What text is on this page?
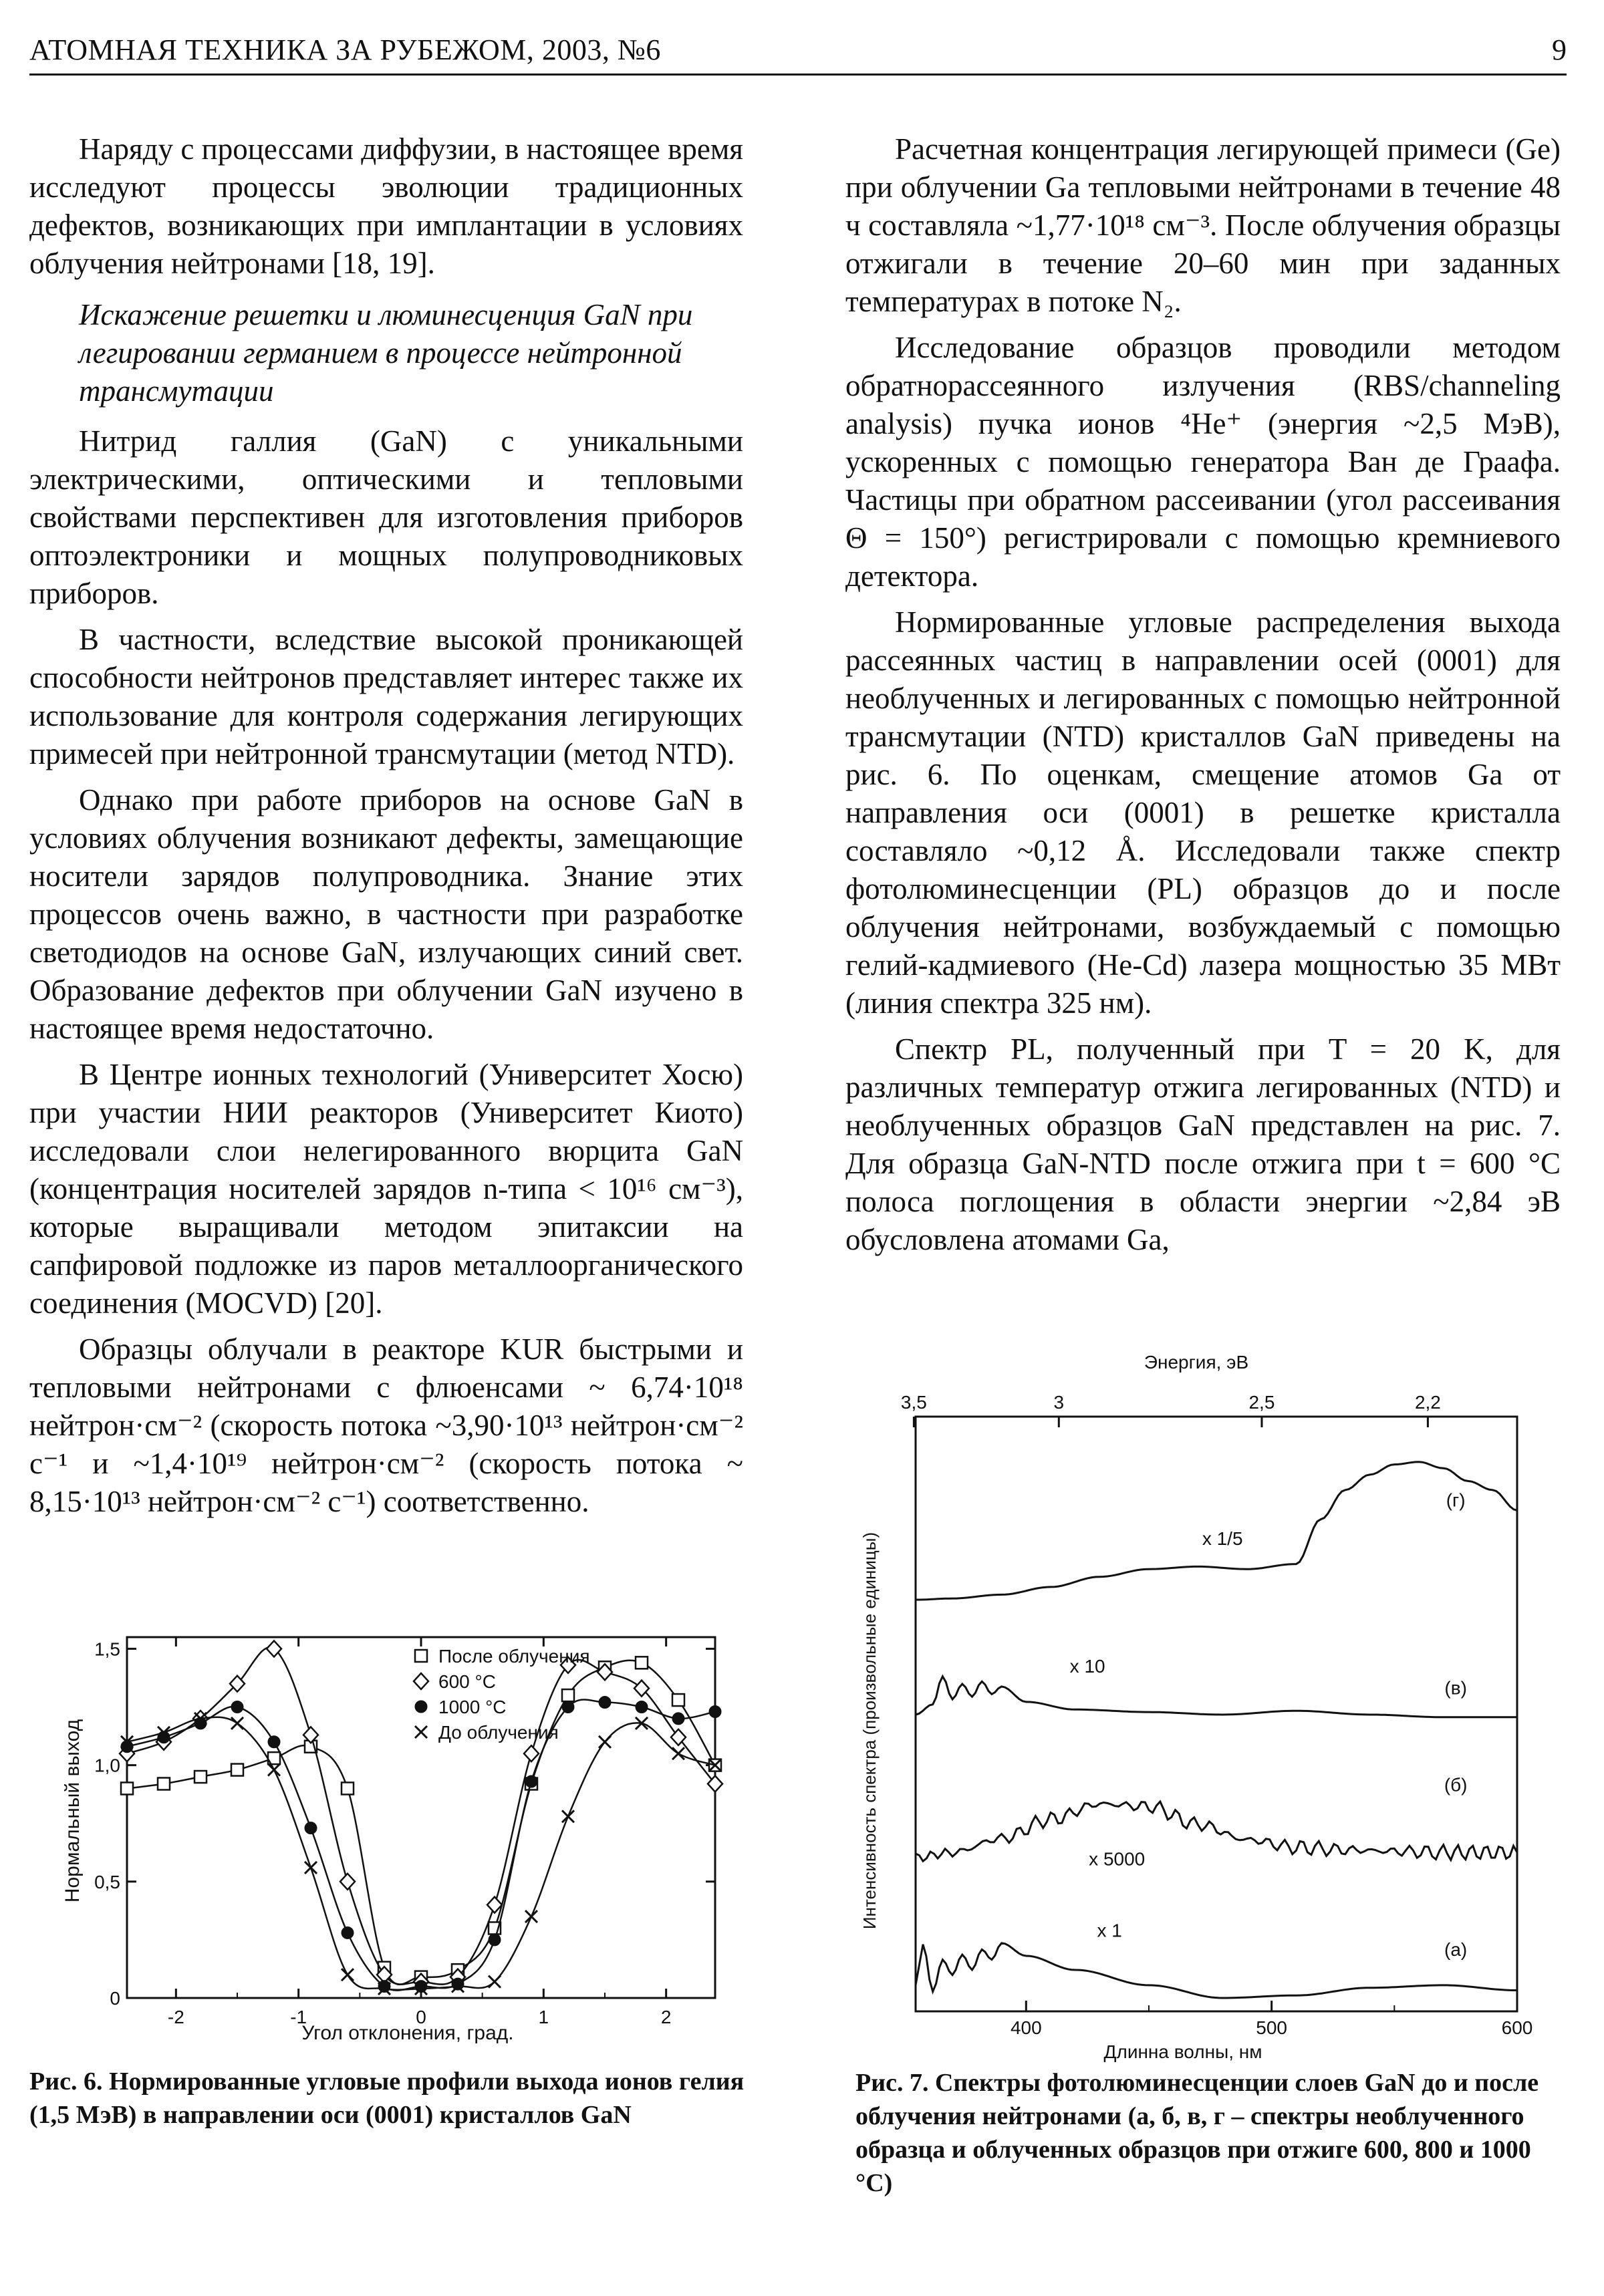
АТОМНАЯ ТЕХНИКА ЗА РУБЕЖОМ, 2003, №6	9

Наряду с процессами диффузии, в настоящее время исследуют процессы эволюции традиционных дефектов, возникающих при имплантации в условиях облучения нейтронами [18, 19].

Искажение решетки и люминесценция GaN при легировании германием в процессе нейтронной трансмутации

Нитрид галлия (GaN) с уникальными электрическими, оптическими и тепловыми свойствами перспективен для изготовления приборов оптоэлектроники и мощных полупроводниковых приборов.

В частности, вследствие высокой проникающей способности нейтронов представляет интерес также их использование для контроля содержания легирующих примесей при нейтронной трансмутации (метод NTD).

Однако при работе приборов на основе GaN в условиях облучения возникают дефекты, замещающие носители зарядов полупроводника. Знание этих процессов очень важно, в частности при разработке светодиодов на основе GaN, излучающих синий свет. Образование дефектов при облучении GaN изучено в настоящее время недостаточно.

В Центре ионных технологий (Университет Хосю) при участии НИИ реакторов (Университет Киото) исследовали слои нелегированного вюрцита GaN (концентрация носителей зарядов n-типа < 10¹⁶ см⁻³), которые выращивали методом эпитаксии на сапфировой подложке из паров металлоорганического соединения (MOCVD) [20].

Образцы облучали в реакторе KUR быстрыми и тепловыми нейтронами с флюенсами ~ 6,74·10¹⁸ нейтрон·см⁻² (скорость потока ~3,90·10¹³ нейтрон·см⁻² с⁻¹ и ~1,4·10¹⁹ нейтрон·см⁻² (скорость потока ~ 8,15·10¹³ нейтрон·см⁻² с⁻¹) соответственно.

Расчетная концентрация легирующей примеси (Ge) при облучении Ga тепловыми нейтронами в течение 48 ч составляла ~1,77·10¹⁸ см⁻³. После облучения образцы отжигали в течение 20–60 мин при заданных температурах в потоке N₂.

Исследование образцов проводили методом обратнорассеянного излучения (RBS/channeling analysis) пучка ионов ⁴He⁺ (энергия ~2,5 МэВ), ускоренных с помощью генератора Ван де Граафа. Частицы при обратном рассеивании (угол рассеивания Θ = 150°) регистрировали с помощью кремниевого детектора.

Нормированные угловые распределения выхода рассеянных частиц в направлении осей (0001) для необлученных и легированных с помощью нейтронной трансмутации (NTD) кристаллов GaN приведены на рис. 6. По оценкам, смещение атомов Ga от направления оси (0001) в решетке кристалла составляло ~0,12 Å. Исследовали также спектр фотолюминесценции (PL) образцов до и после облучения нейтронами, возбуждаемый с помощью гелий-кадмиевого (He-Cd) лазера мощностью 35 МВт (линия спектра 325 нм).

Спектр PL, полученный при T = 20 K, для различных температур отжига легированных (NTD) и необлученных образцов GaN представлен на рис. 7. Для образца GaN-NTD после отжига при t = 600 °C полоса поглощения в области энергии ~2,84 эВ обусловлена атомами Ga,

-2	-1	0	1	2
0
0,5
1,0
1,5	После облучения
600 °C
1000 °C
До облучения
Угол отклонения, град.
Нормальный выход
Рис. 6. Нормированные угловые профили выхода ионов гелия (1,5 МэВ) в направлении оси (0001) кристаллов GaN
400	500	600
3,5	3	2,5	2,2
x 1/5
(г)
x 10
(в)
x 5000
(б)
x 1
(а)
Энергия, эВ
Длинна волны, нм
Интенсивность спектра (произвольные единицы)
Рис. 7. Спектры фотолюминесценции слоев GaN до и после облучения нейтронами (а, б, в, г – спектры необлученного образца и облученных образцов при отжиге 600, 800 и 1000 °C)
